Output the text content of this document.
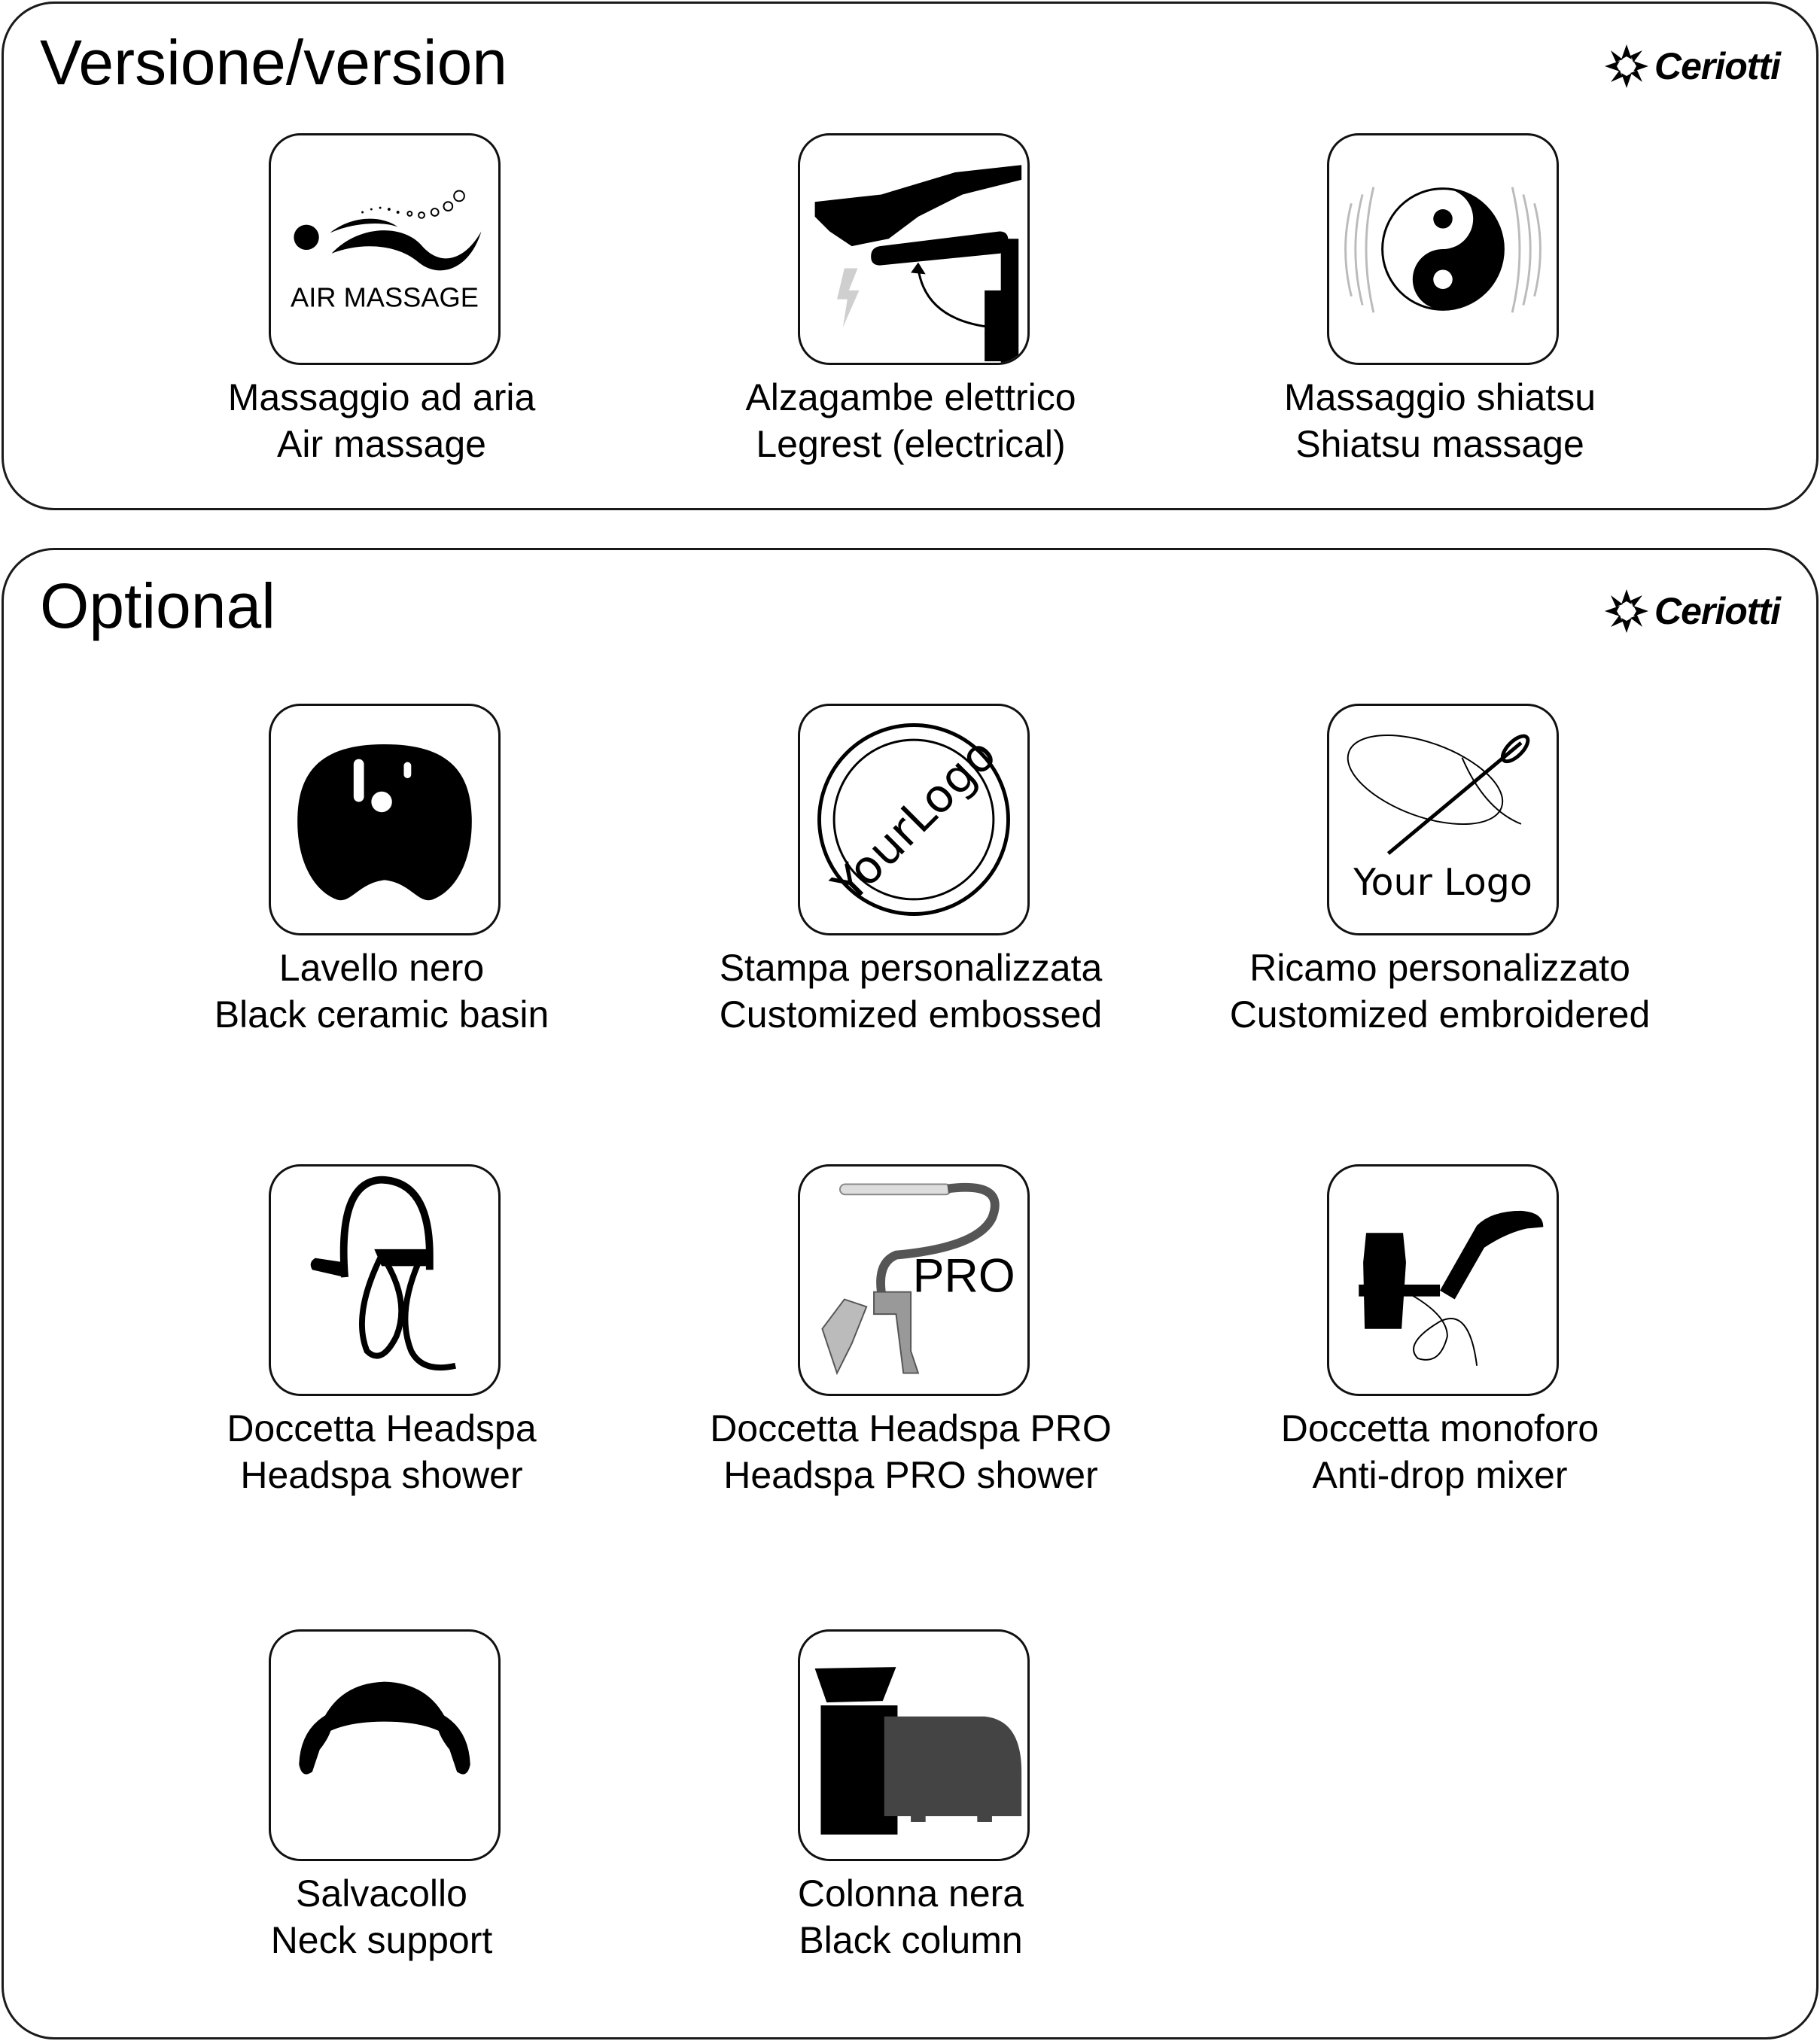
Versione/version	Ceriotti
AIR MASSAGE
Massaggio ad aria
Air massage
Alzagambe elettrico
Legrest (electrical)
Massaggio shiatsu
Shiatsu massage
Optional	Ceriotti
Lavello nero
Black ceramic basin
YourLogo
Stampa personalizzata
Customized embossed
Your Logo
Ricamo personalizzato
Customized embroidered
Doccetta Headspa
Headspa shower
PRO
Doccetta Headspa PRO
Headspa PRO shower
Doccetta monoforo
Anti-drop mixer
Salvacollo
Neck support
Colonna nera
Black column
